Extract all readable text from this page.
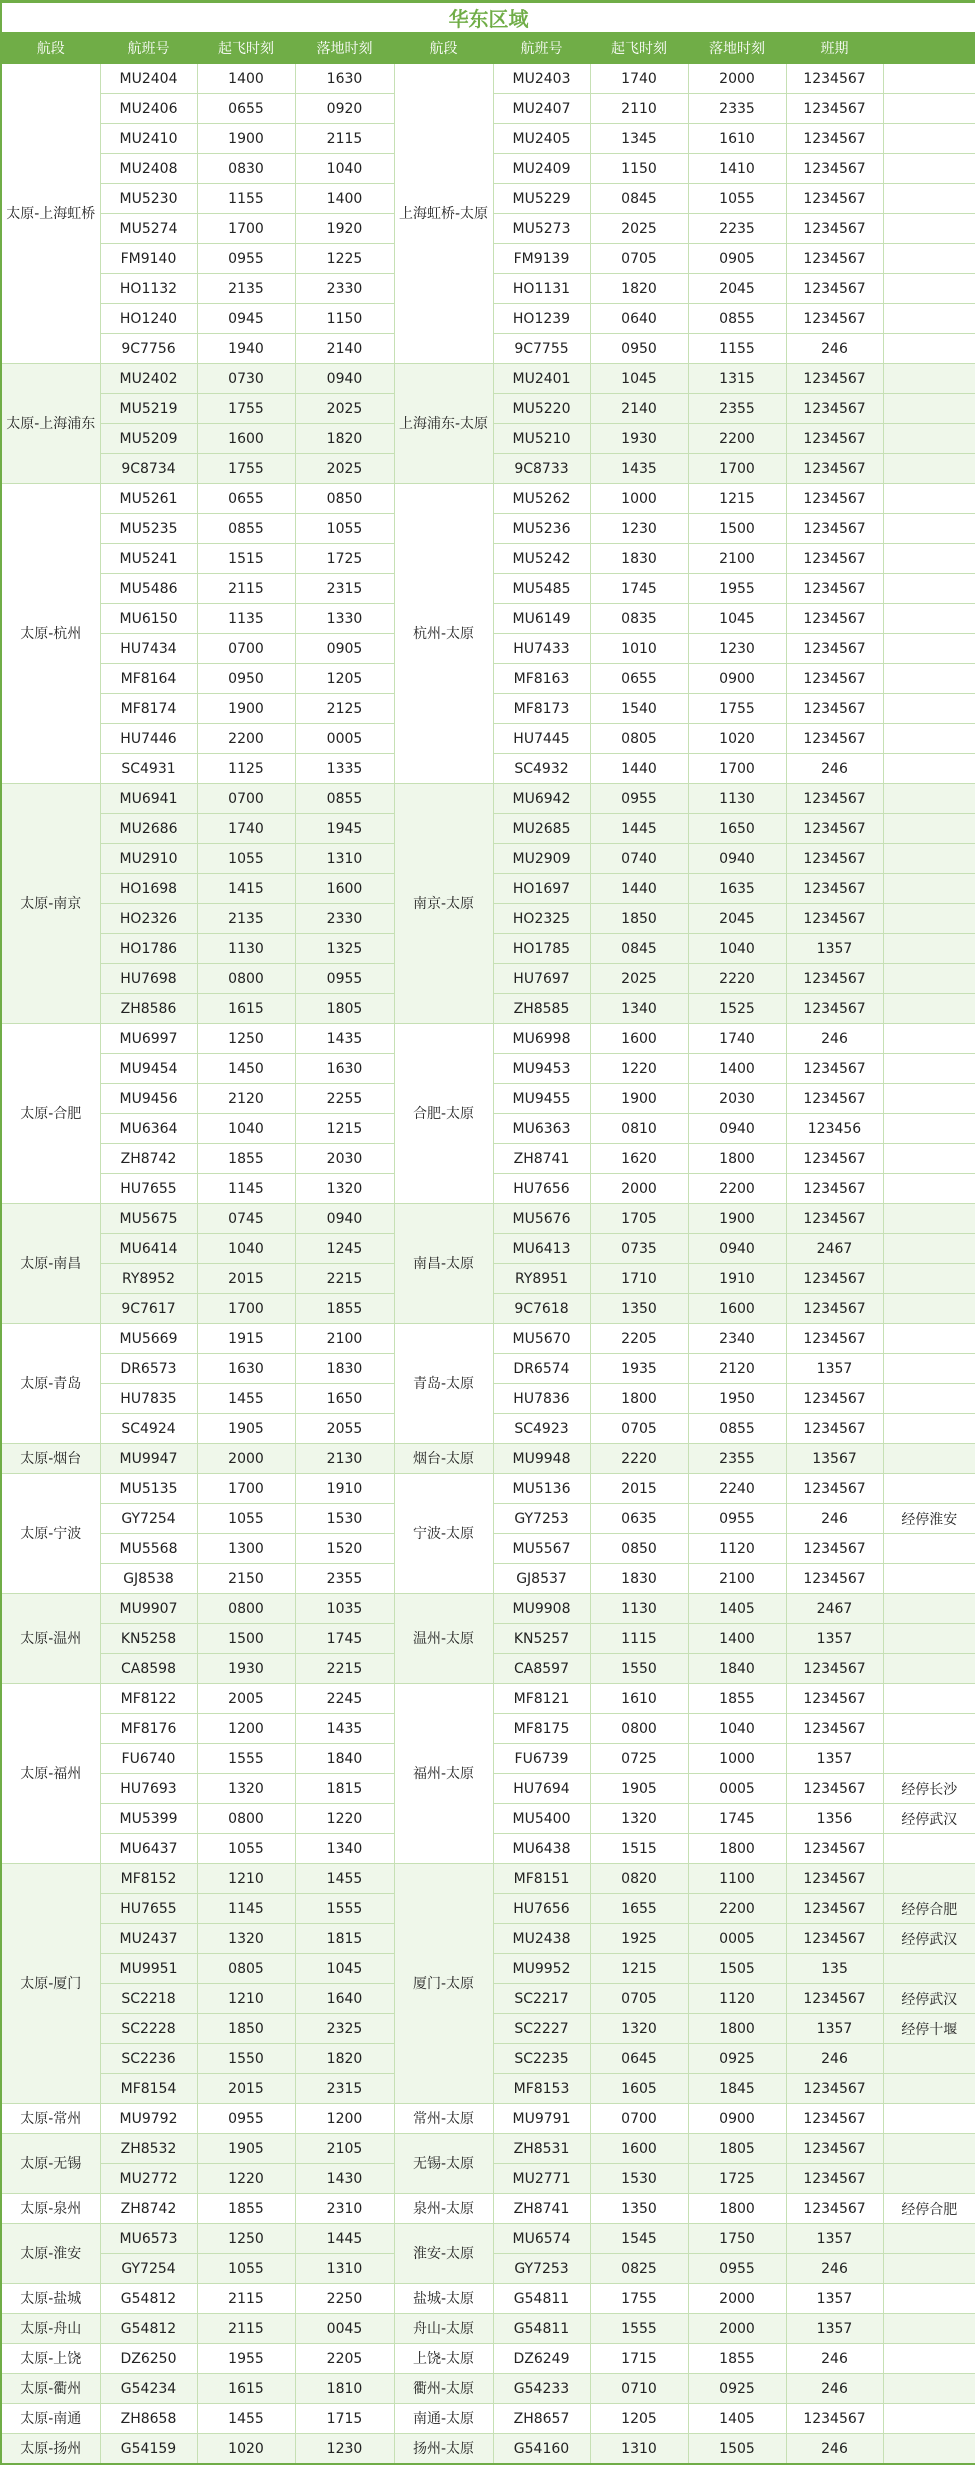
华东区域									
航段	航班号	起飞时刻	落地时刻	航段	航班号	起飞时刻	落地时刻	班期	
太原-上海虹桥	MU2404	1400	1630	上海虹桥-太原	MU2403	1740	2000	1234567	
	MU2406	0655	0920		MU2407	2110	2335	1234567	
	MU2410	1900	2115		MU2405	1345	1610	1234567	
	MU2408	0830	1040		MU2409	1150	1410	1234567	
	MU5230	1155	1400		MU5229	0845	1055	1234567	
	MU5274	1700	1920		MU5273	2025	2235	1234567	
	FM9140	0955	1225		FM9139	0705	0905	1234567	
	HO1132	2135	2330		HO1131	1820	2045	1234567	
	HO1240	0945	1150		HO1239	0640	0855	1234567	
	9C7756	1940	2140		9C7755	0950	1155	246	
太原-上海浦东	MU2402	0730	0940	上海浦东-太原	MU2401	1045	1315	1234567	
	MU5219	1755	2025		MU5220	2140	2355	1234567	
	MU5209	1600	1820		MU5210	1930	2200	1234567	
	9C8734	1755	2025		9C8733	1435	1700	1234567	
太原-杭州	MU5261	0655	0850	杭州-太原	MU5262	1000	1215	1234567	
	MU5235	0855	1055		MU5236	1230	1500	1234567	
	MU5241	1515	1725		MU5242	1830	2100	1234567	
	MU5486	2115	2315		MU5485	1745	1955	1234567	
	MU6150	1135	1330		MU6149	0835	1045	1234567	
	HU7434	0700	0905		HU7433	1010	1230	1234567	
	MF8164	0950	1205		MF8163	0655	0900	1234567	
	MF8174	1900	2125		MF8173	1540	1755	1234567	
	HU7446	2200	0005		HU7445	0805	1020	1234567	
	SC4931	1125	1335		SC4932	1440	1700	246	
太原-南京	MU6941	0700	0855	南京-太原	MU6942	0955	1130	1234567	
	MU2686	1740	1945		MU2685	1445	1650	1234567	
	MU2910	1055	1310		MU2909	0740	0940	1234567	
	HO1698	1415	1600		HO1697	1440	1635	1234567	
	HO2326	2135	2330		HO2325	1850	2045	1234567	
	HO1786	1130	1325		HO1785	0845	1040	1357	
	HU7698	0800	0955		HU7697	2025	2220	1234567	
	ZH8586	1615	1805		ZH8585	1340	1525	1234567	
太原-合肥	MU6997	1250	1435	合肥-太原	MU6998	1600	1740	246	
	MU9454	1450	1630		MU9453	1220	1400	1234567	
	MU9456	2120	2255		MU9455	1900	2030	1234567	
	MU6364	1040	1215		MU6363	0810	0940	123456	
	ZH8742	1855	2030		ZH8741	1620	1800	1234567	
	HU7655	1145	1320		HU7656	2000	2200	1234567	
太原-南昌	MU5675	0745	0940	南昌-太原	MU5676	1705	1900	1234567	
	MU6414	1040	1245		MU6413	0735	0940	2467	
	RY8952	2015	2215		RY8951	1710	1910	1234567	
	9C7617	1700	1855		9C7618	1350	1600	1234567	
太原-青岛	MU5669	1915	2100	青岛-太原	MU5670	2205	2340	1234567	
	DR6573	1630	1830		DR6574	1935	2120	1357	
	HU7835	1455	1650		HU7836	1800	1950	1234567	
	SC4924	1905	2055		SC4923	0705	0855	1234567	
太原-烟台	MU9947	2000	2130	烟台-太原	MU9948	2220	2355	13567	
太原-宁波	MU5135	1700	1910	宁波-太原	MU5136	2015	2240	1234567	
	GY7254	1055	1530		GY7253	0635	0955	246	经停淮安
	MU5568	1300	1520		MU5567	0850	1120	1234567	
	GJ8538	2150	2355		GJ8537	1830	2100	1234567	
太原-温州	MU9907	0800	1035	温州-太原	MU9908	1130	1405	2467	
	KN5258	1500	1745		KN5257	1115	1400	1357	
	CA8598	1930	2215		CA8597	1550	1840	1234567	
太原-福州	MF8122	2005	2245	福州-太原	MF8121	1610	1855	1234567	
	MF8176	1200	1435		MF8175	0800	1040	1234567	
	FU6740	1555	1840		FU6739	0725	1000	1357	
	HU7693	1320	1815		HU7694	1905	0005	1234567	经停长沙
	MU5399	0800	1220		MU5400	1320	1745	1356	经停武汉
	MU6437	1055	1340		MU6438	1515	1800	1234567	
太原-厦门	MF8152	1210	1455	厦门-太原	MF8151	0820	1100	1234567	
	HU7655	1145	1555		HU7656	1655	2200	1234567	经停合肥
	MU2437	1320	1815		MU2438	1925	0005	1234567	经停武汉
	MU9951	0805	1045		MU9952	1215	1505	135	
	SC2218	1210	1640		SC2217	0705	1120	1234567	经停武汉
	SC2228	1850	2325		SC2227	1320	1800	1357	经停十堰
	SC2236	1550	1820		SC2235	0645	0925	246	
	MF8154	2015	2315		MF8153	1605	1845	1234567	
太原-常州	MU9792	0955	1200	常州-太原	MU9791	0700	0900	1234567	
太原-无锡	ZH8532	1905	2105	无锡-太原	ZH8531	1600	1805	1234567	
	MU2772	1220	1430		MU2771	1530	1725	1234567	
太原-泉州	ZH8742	1855	2310	泉州-太原	ZH8741	1350	1800	1234567	经停合肥
太原-淮安	MU6573	1250	1445	淮安-太原	MU6574	1545	1750	1357	
	GY7254	1055	1310		GY7253	0825	0955	246	
太原-盐城	G54812	2115	2250	盐城-太原	G54811	1755	2000	1357	
太原-舟山	G54812	2115	0045	舟山-太原	G54811	1555	2000	1357	
太原-上饶	DZ6250	1955	2205	上饶-太原	DZ6249	1715	1855	246	
太原-衢州	G54234	1615	1810	衢州-太原	G54233	0710	0925	246	
太原-南通	ZH8658	1455	1715	南通-太原	ZH8657	1205	1405	1234567	
太原-扬州	G54159	1020	1230	扬州-太原	G54160	1310	1505	246	
